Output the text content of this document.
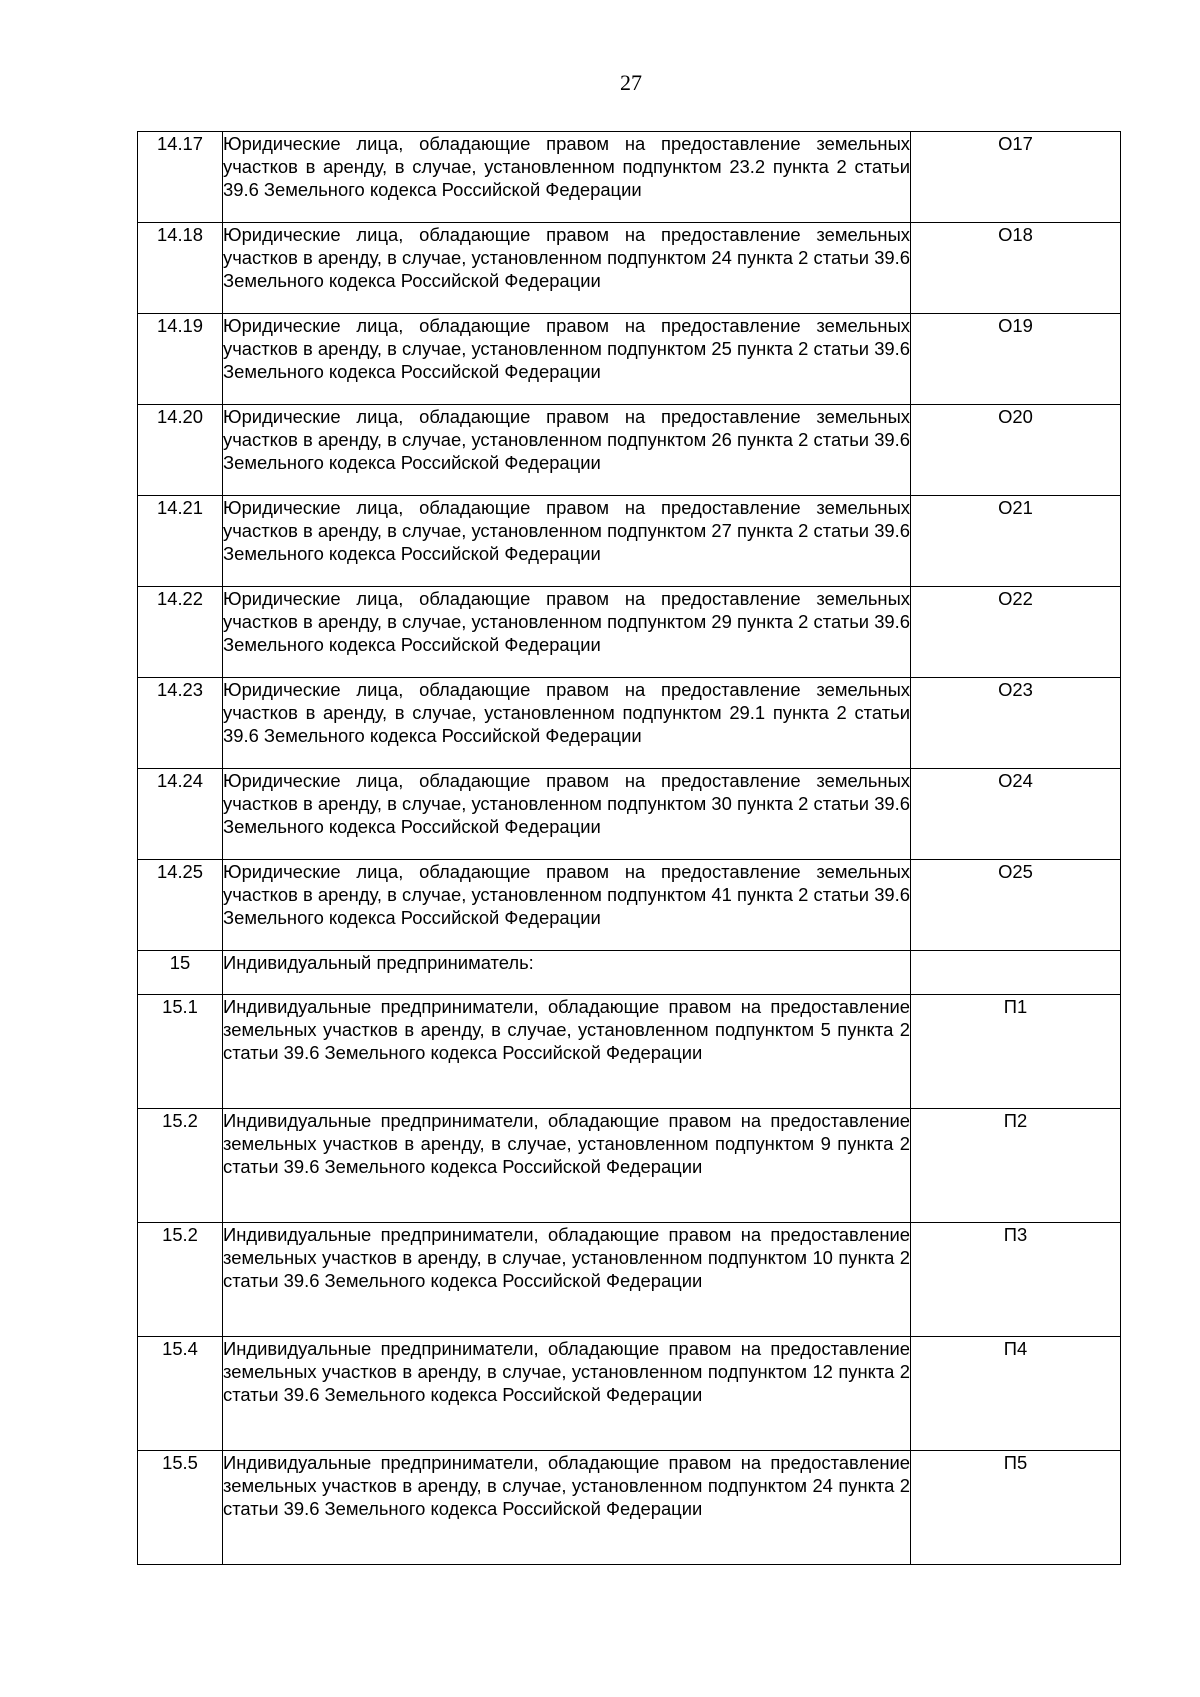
27
14.17	Юридические лица, обладающие правом на предоставление земельных участков в аренду, в случае, установленном подпунктом 23.2 пункта 2 статьи 39.6 Земельного кодекса Российской Федерации	О17
14.18	Юридические лица, обладающие правом на предоставление земельных участков в аренду, в случае, установленном подпунктом 24 пункта 2 статьи 39.6 Земельного кодекса Российской Федерации	О18
14.19	Юридические лица, обладающие правом на предоставление земельных участков в аренду, в случае, установленном подпунктом 25 пункта 2 статьи 39.6 Земельного кодекса Российской Федерации	О19
14.20	Юридические лица, обладающие правом на предоставление земельных участков в аренду, в случае, установленном подпунктом 26 пункта 2 статьи 39.6 Земельного кодекса Российской Федерации	О20
14.21	Юридические лица, обладающие правом на предоставление земельных участков в аренду, в случае, установленном подпунктом 27 пункта 2 статьи 39.6 Земельного кодекса Российской Федерации	О21
14.22	Юридические лица, обладающие правом на предоставление земельных участков в аренду, в случае, установленном подпунктом 29 пункта 2 статьи 39.6 Земельного кодекса Российской Федерации	О22
14.23	Юридические лица, обладающие правом на предоставление земельных участков в аренду, в случае, установленном подпунктом 29.1 пункта 2 статьи 39.6 Земельного кодекса Российской Федерации	О23
14.24	Юридические лица, обладающие правом на предоставление земельных участков в аренду, в случае, установленном подпунктом 30 пункта 2 статьи 39.6 Земельного кодекса Российской Федерации	О24
14.25	Юридические лица, обладающие правом на предоставление земельных участков в аренду, в случае, установленном подпунктом 41 пункта 2 статьи 39.6 Земельного кодекса Российской Федерации	О25
15	Индивидуальный предприниматель:	
15.1	Индивидуальные предприниматели, обладающие правом на предоставление земельных участков в аренду, в случае, установленном подпунктом 5 пункта 2 статьи 39.6 Земельного кодекса Российской Федерации	П1
15.2	Индивидуальные предприниматели, обладающие правом на предоставление земельных участков в аренду, в случае, установленном подпунктом 9 пункта 2 статьи 39.6 Земельного кодекса Российской Федерации	П2
15.2	Индивидуальные предприниматели, обладающие правом на предоставление земельных участков в аренду, в случае, установленном подпунктом 10 пункта 2 статьи 39.6 Земельного кодекса Российской Федерации	П3
15.4	Индивидуальные предприниматели, обладающие правом на предоставление земельных участков в аренду, в случае, установленном подпунктом 12 пункта 2 статьи 39.6 Земельного кодекса Российской Федерации	П4
15.5	Индивидуальные предприниматели, обладающие правом на предоставление земельных участков в аренду, в случае, установленном подпунктом 24 пункта 2 статьи 39.6 Земельного кодекса Российской Федерации	П5
